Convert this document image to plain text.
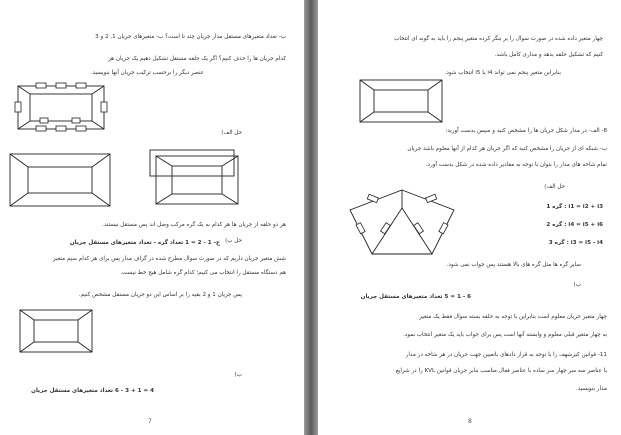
ب- تعداد متغیرهای مستقل مدار جریان چند تا است؟ ب- متغیرهای جریان 1, 2 و 3
کدام جریان ها را حذف کنیم؟ اگر یک حلقه مستقل تشکیل دهیم یک جریان هر
عنصر دیگر را برحسب ترکیب جریان آنها بنویسید.
حل الف)
هر دو حلقه از جریان ها هر کدام به یک گره مرکب وصل اند پس مستقل نیستند.
حل ب)
ج- 1 - 2 = 1 تعداد گره - تعداد متغیرهای مستقل جریان
شش متغیر جریان داریم که در صورت سوال مطرح شده در گراف مدار پس برای هر کدام سیم متغیر
هم دستگاه مستقل را انتخاب می کنیم؛ کدام گره شامل هیچ خط نیست.
پس جریان 1 و 2 بقیه را بر اساس این دو جریان مستقل مشخص کنیم.
ب)
4 = 1 + 3 - 6 تعداد متغیرهای مستقل جریان
7
چهار متغیر داده شده در صورت سوال را بر بنگر کرده متغیر پنجم را باید به گونه ای انتخاب
کنیم که تشکیل حلقه بدهد و مداری کامل باشد.
بنابراین متغیر پنجم نمی تواند i4 یا i5 انتخاب شود.
8- الف- در مدار شکل جریان ها را مشخص کنید و سپس بدست آورید:
ب- شبکه ای از جریان را مشخص کنید که اگر جریان هر کدام از آنها معلوم باشد جریان
تمام شاخه های مدار را بتوان با توجه به مقادیر داده شده در شکل بدست آورد.
حل الف)
i1 = i2 + i3 : گره 1
i4 = i5 + i6 : گره 2
i3 = i5 - i4 : گره 3
سایر گره ها مثل گره های بالا هستند پس جواب نمی شود.
ب)
6 - 1 = 5 تعداد متغیرهای مستقل جریان
چهار متغیر جریان معلوم است بنابراین با توجه به حلقه بسته سوال فقط یک متغیر
به چهار متغیر قبلی معلوم و وابسته آنها است پس برای جواب باید یک متغیر انتخاب نمود.
11- قوانین کیرشهف را با توجه به قرار دادهای باتعیین جهت جریان در هر شاخه در مدار
با عناصر سه سر چهار سر ساده با عناصر فعال مناسب بنابر جریان قوانین KVL را در شرایع
مدار بنویسید.
8
